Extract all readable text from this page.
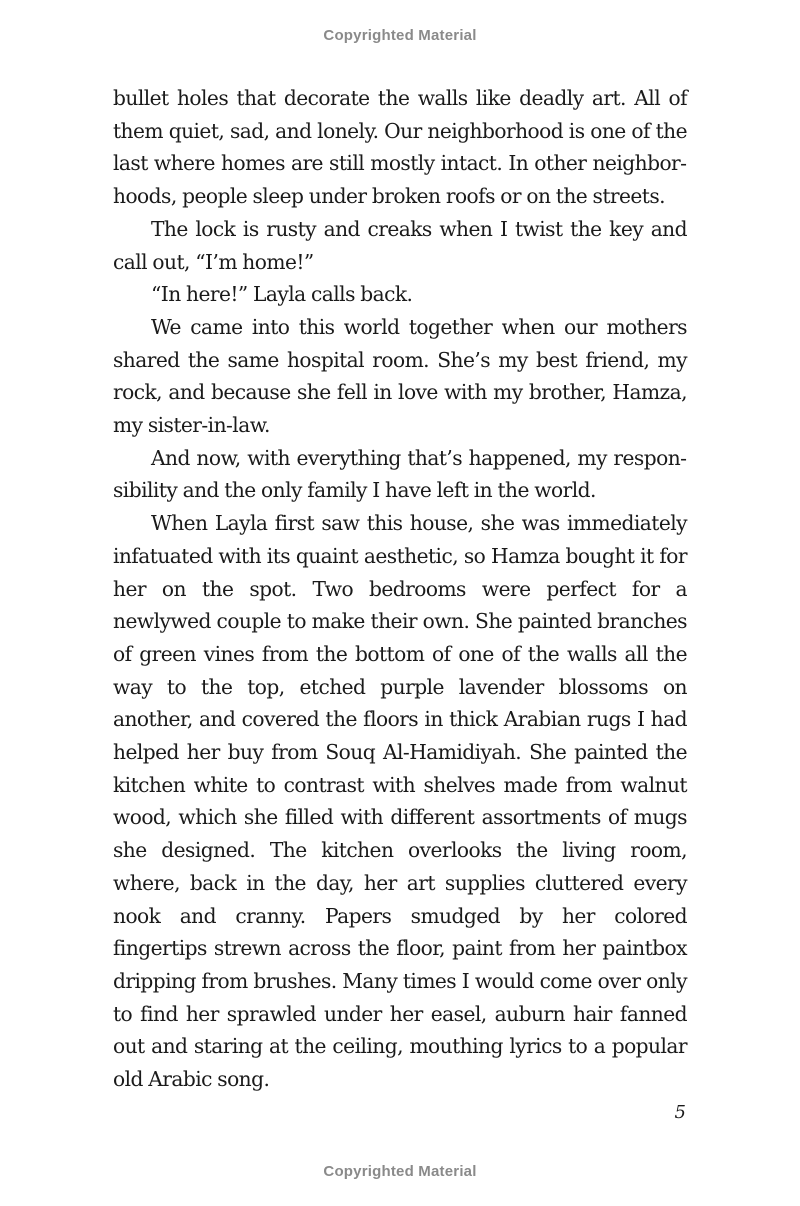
Copyrighted Material

bullet holes that decorate the walls like deadly art. All of them quiet, sad, and lonely. Our neighborhood is one of the last where homes are still mostly intact. In other neighborhoods, people sleep under broken roofs or on the streets.

The lock is rusty and creaks when I twist the key and call out, “I’m home!”

“In here!” Layla calls back.

We came into this world together when our mothers shared the same hospital room. She’s my best friend, my rock, and because she fell in love with my brother, Hamza, my sister-in-law.

And now, with everything that’s happened, my responsibility and the only family I have left in the world.

When Layla first saw this house, she was immediately infatuated with its quaint aesthetic, so Hamza bought it for her on the spot. Two bedrooms were perfect for a newlywed couple to make their own. She painted branches of green vines from the bottom of one of the walls all the way to the top, etched purple lavender blossoms on another, and covered the floors in thick Arabian rugs I had helped her buy from Souq Al-Hamidiyah. She painted the kitchen white to contrast with shelves made from walnut wood, which she filled with different assortments of mugs she designed. The kitchen overlooks the living room, where, back in the day, her art supplies cluttered every nook and cranny. Papers smudged by her colored fingertips strewn across the floor, paint from her paintbox dripping from brushes. Many times I would come over only to find her sprawled under her easel, auburn hair fanned out and staring at the ceiling, mouthing lyrics to a popular old Arabic song.

5
Copyrighted Material
